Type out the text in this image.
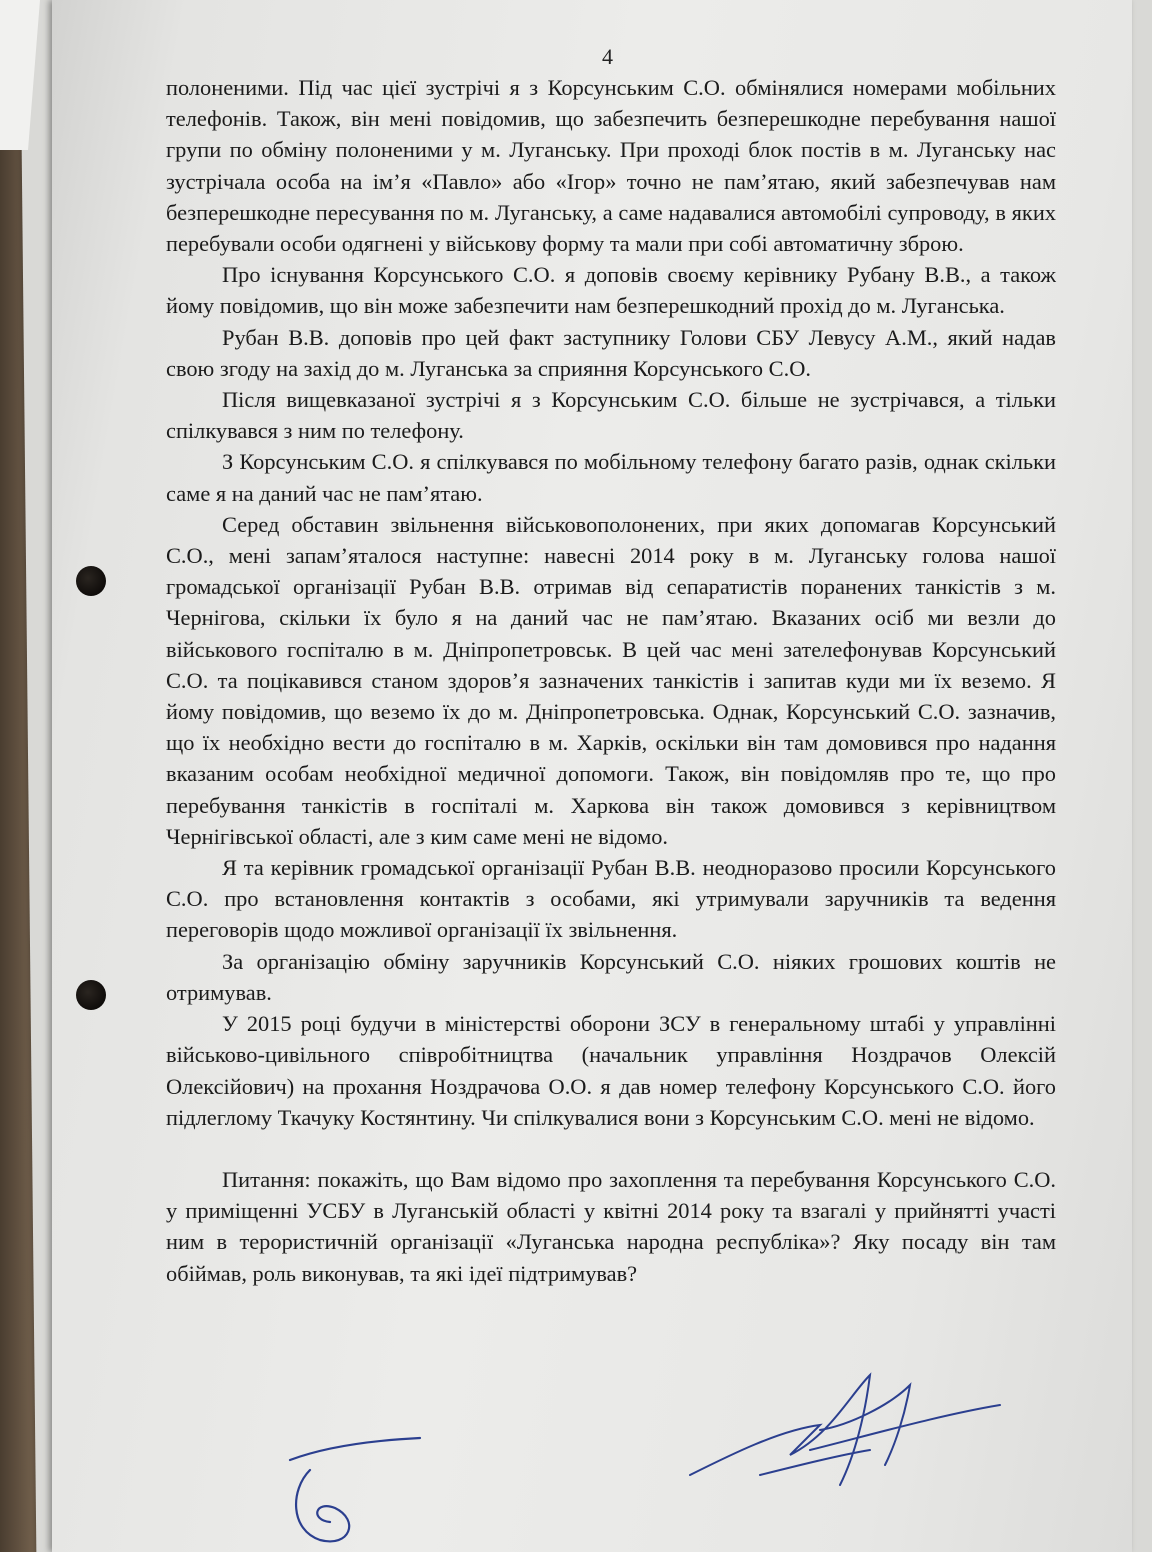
4

полоненими. Під час цієї зустрічі я з Корсунським С.О. обмінялися номерами мобільних телефонів. Також, він мені повідомив, що забезпечить безперешкодне перебування нашої групи по обміну полоненими у м. Луганську. При проході блок постів в м. Луганську нас зустрічала особа на ім’я «Павло» або «Ігор» точно не пам’ятаю, який забезпечував нам безперешкодне пересування по м. Луганську, а саме надавалися автомобілі супроводу, в яких перебували особи одягнені у військову форму та мали при собі автоматичну зброю.

Про існування Корсунського С.О. я доповів своєму керівнику Рубану В.В., а також йому повідомив, що він може забезпечити нам безперешкодний прохід до м. Луганська.

Рубан В.В. доповів про цей факт заступнику Голови СБУ Левусу А.М., який надав свою згоду на захід до м. Луганська за сприяння Корсунського С.О.

Після вищевказаної зустрічі я з Корсунським С.О. більше не зустрічався, а тільки спілкувався з ним по телефону.

З Корсунським С.О. я спілкувався по мобільному телефону багато разів, однак скільки саме я на даний час не пам’ятаю.

Серед обставин звільнення військовополонених, при яких допомагав Корсунський С.О., мені запам’яталося наступне: навесні 2014 року в м. Луганську голова нашої громадської організації Рубан В.В. отримав від сепаратистів поранених танкістів з м. Чернігова, скільки їх було я на даний час не пам’ятаю. Вказаних осіб ми везли до військового госпіталю в м. Дніпропетровськ. В цей час мені зателефонував Корсунський С.О. та поцікавився станом здоров’я зазначених танкістів і запитав куди ми їх веземо. Я йому повідомив, що веземо їх до м. Дніпропетровська. Однак, Корсунський С.О. зазначив, що їх необхідно вести до госпіталю в м. Харків, оскільки він там домовився про надання вказаним особам необхідної медичної допомоги. Також, він повідомляв про те, що про перебування танкістів в госпіталі м. Харкова він також домовився з керівництвом Чернігівської області, але з ким саме мені не відомо.

Я та керівник громадської організації Рубан В.В. неодноразово просили Корсунського С.О. про встановлення контактів з особами, які утримували заручників та ведення переговорів щодо можливої організації їх звільнення.

За організацію обміну заручників Корсунський С.О. ніяких грошових коштів не отримував.

У 2015 році будучи в міністерстві оборони ЗСУ в генеральному штабі у управлінні військово-цивільного співробітництва (начальник управління Ноздрачов Олексій Олексійович) на прохання Ноздрачова О.О. я дав номер телефону Корсунського С.О. його підлеглому Ткачуку Костянтину. Чи спілкувалися вони з Корсунським С.О. мені не відомо.

Питання: покажіть, що Вам відомо про захоплення та перебування Корсунського С.О. у приміщенні УСБУ в Луганській області у квітні 2014 року та взагалі у прийнятті участі ним в терористичній організації «Луганська народна республіка»? Яку посаду він там обіймав, роль виконував, та які ідеї підтримував?
